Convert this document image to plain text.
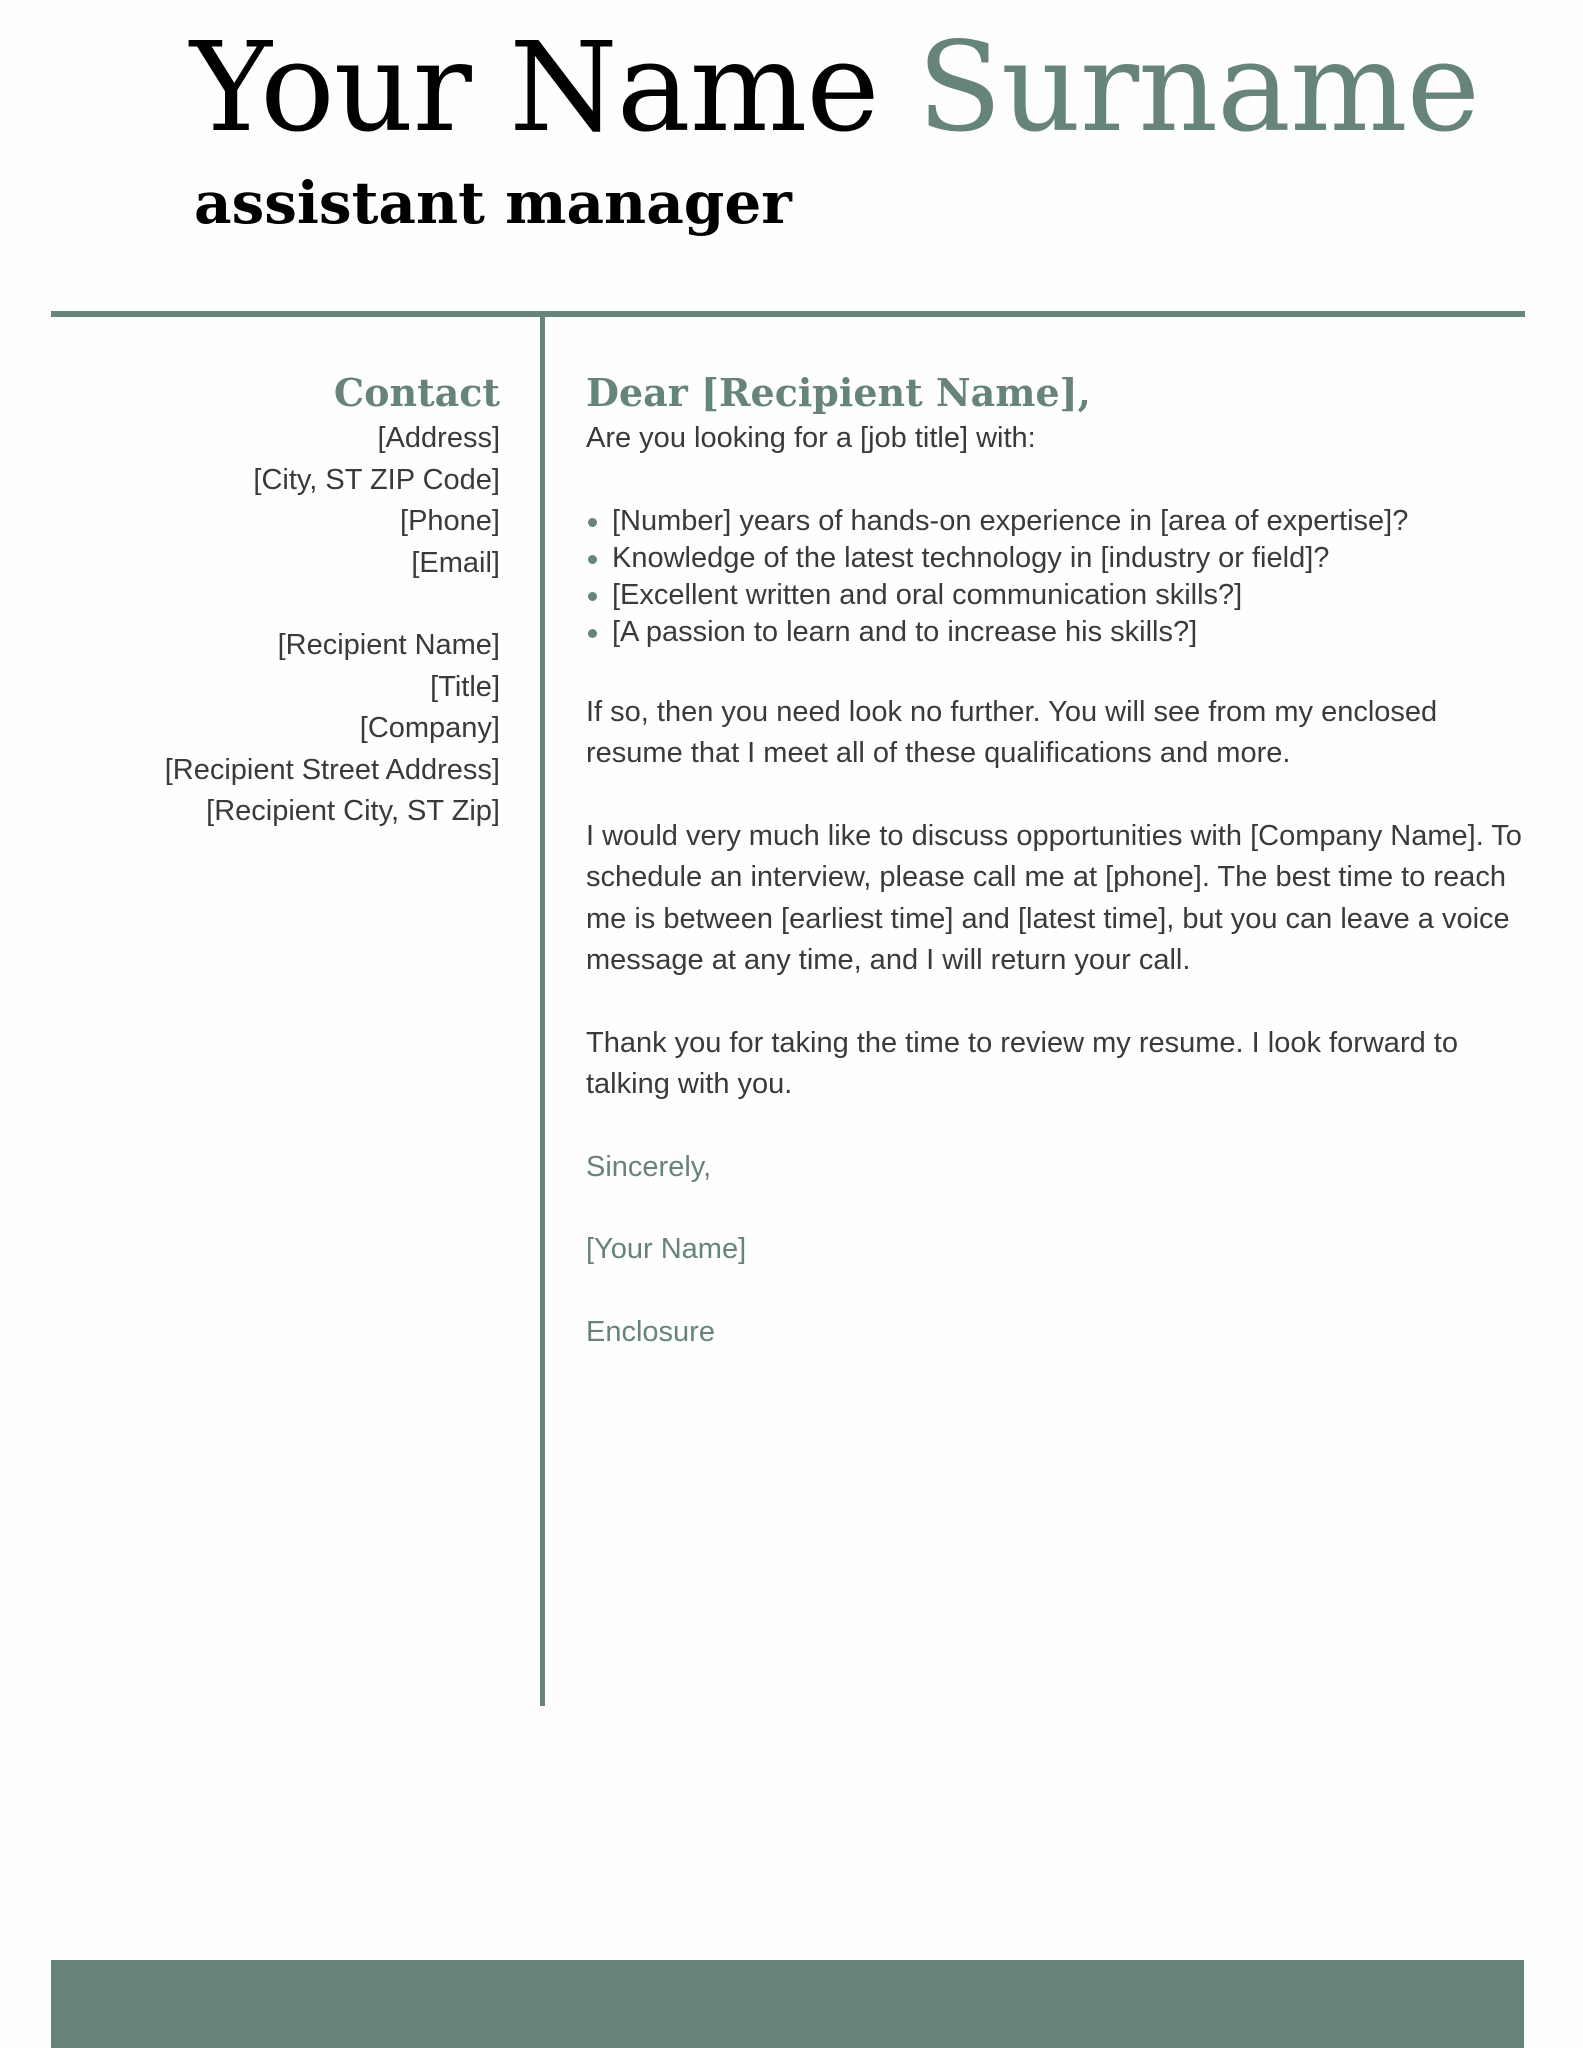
Your Name Surname
assistant manager
Contact
[Address]
[City, ST ZIP Code]
[Phone]
[Email]
[Recipient Name]
[Title]
[Company]
[Recipient Street Address]
[Recipient City, ST Zip]
Dear [Recipient Name],

Are you looking for a [job title] with:

[Number] years of hands-on experience in [area of expertise]?
Knowledge of the latest technology in [industry or field]?
[Excellent written and oral communication skills?]
[A passion to learn and to increase his skills?]

If so, then you need look no further. You will see from my enclosed resume that I meet all of these qualifications and more.

I would very much like to discuss opportunities with [Company Name]. To schedule an interview, please call me at [phone]. The best time to reach me is between [earliest time] and [latest time], but you can leave a voice message at any time, and I will return your call.

Thank you for taking the time to review my resume. I look forward to talking with you.

Sincerely,

[Your Name]

Enclosure
